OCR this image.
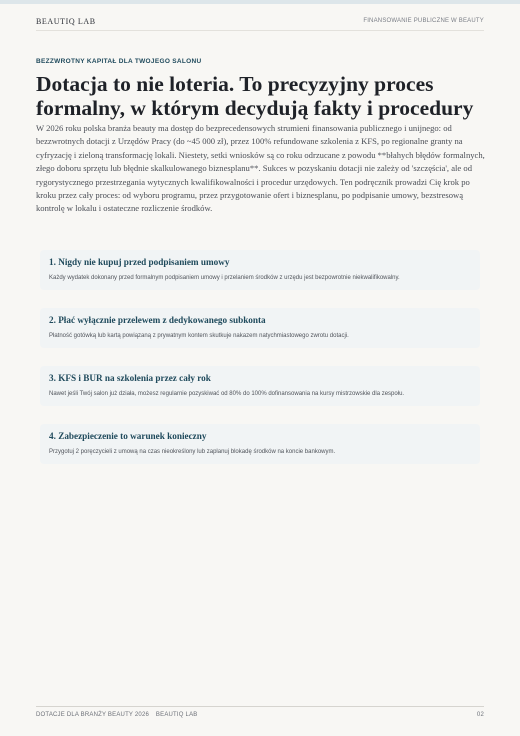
BEAUTIQ LAB	FINANSOWANIE PUBLICZNE W BEAUTY
BEZZWROTNY KAPITAŁ DLA TWOJEGO SALONU
Dotacja to nie loteria. To precyzyjny proces formalny, w którym decydują fakty i procedury

W 2026 roku polska branża beauty ma dostęp do bezprecedensowych strumieni finansowania publicznego i unijnego: od bezzwrotnych dotacji z Urzędów Pracy (do ~45 000 zł), przez 100% refundowane szkolenia z KFS, po regionalne granty na cyfryzację i zieloną transformację lokali. Niestety, setki wniosków są co roku odrzucane z powodu **błahych błędów formalnych, złego doboru sprzętu lub błędnie skalkulowanego biznesplanu**. Sukces w pozyskaniu dotacji nie zależy od 'szczęścia', ale od rygorystycznego przestrzegania wytycznych kwalifikowalności i procedur urzędowych. Ten podręcznik prowadzi Cię krok po kroku przez cały proces: od wyboru programu, przez przygotowanie ofert i biznesplanu, po podpisanie umowy, bezstresową kontrolę w lokalu i ostateczne rozliczenie środków.

1. Nigdy nie kupuj przed podpisaniem umowy
Każdy wydatek dokonany przed formalnym podpisaniem umowy i przelaniem środków z urzędu jest bezpowrotnie niekwalifikowalny.
2. Płać wyłącznie przelewem z dedykowanego subkonta
Płatność gotówką lub kartą powiązaną z prywatnym kontem skutkuje nakazem natychmiastowego zwrotu dotacji.
3. KFS i BUR na szkolenia przez cały rok
Nawet jeśli Twój salon już działa, możesz regularnie pozyskiwać od 80% do 100% dofinansowania na kursy mistrzowskie dla zespołu.
4. Zabezpieczenie to warunek konieczny
Przygotuj 2 poręczycieli z umową na czas nieokreślony lub zaplanuj blokadę środków na koncie bankowym.
DOTACJE DLA BRANŻY BEAUTY 2026 BEAUTIQ LAB	02
